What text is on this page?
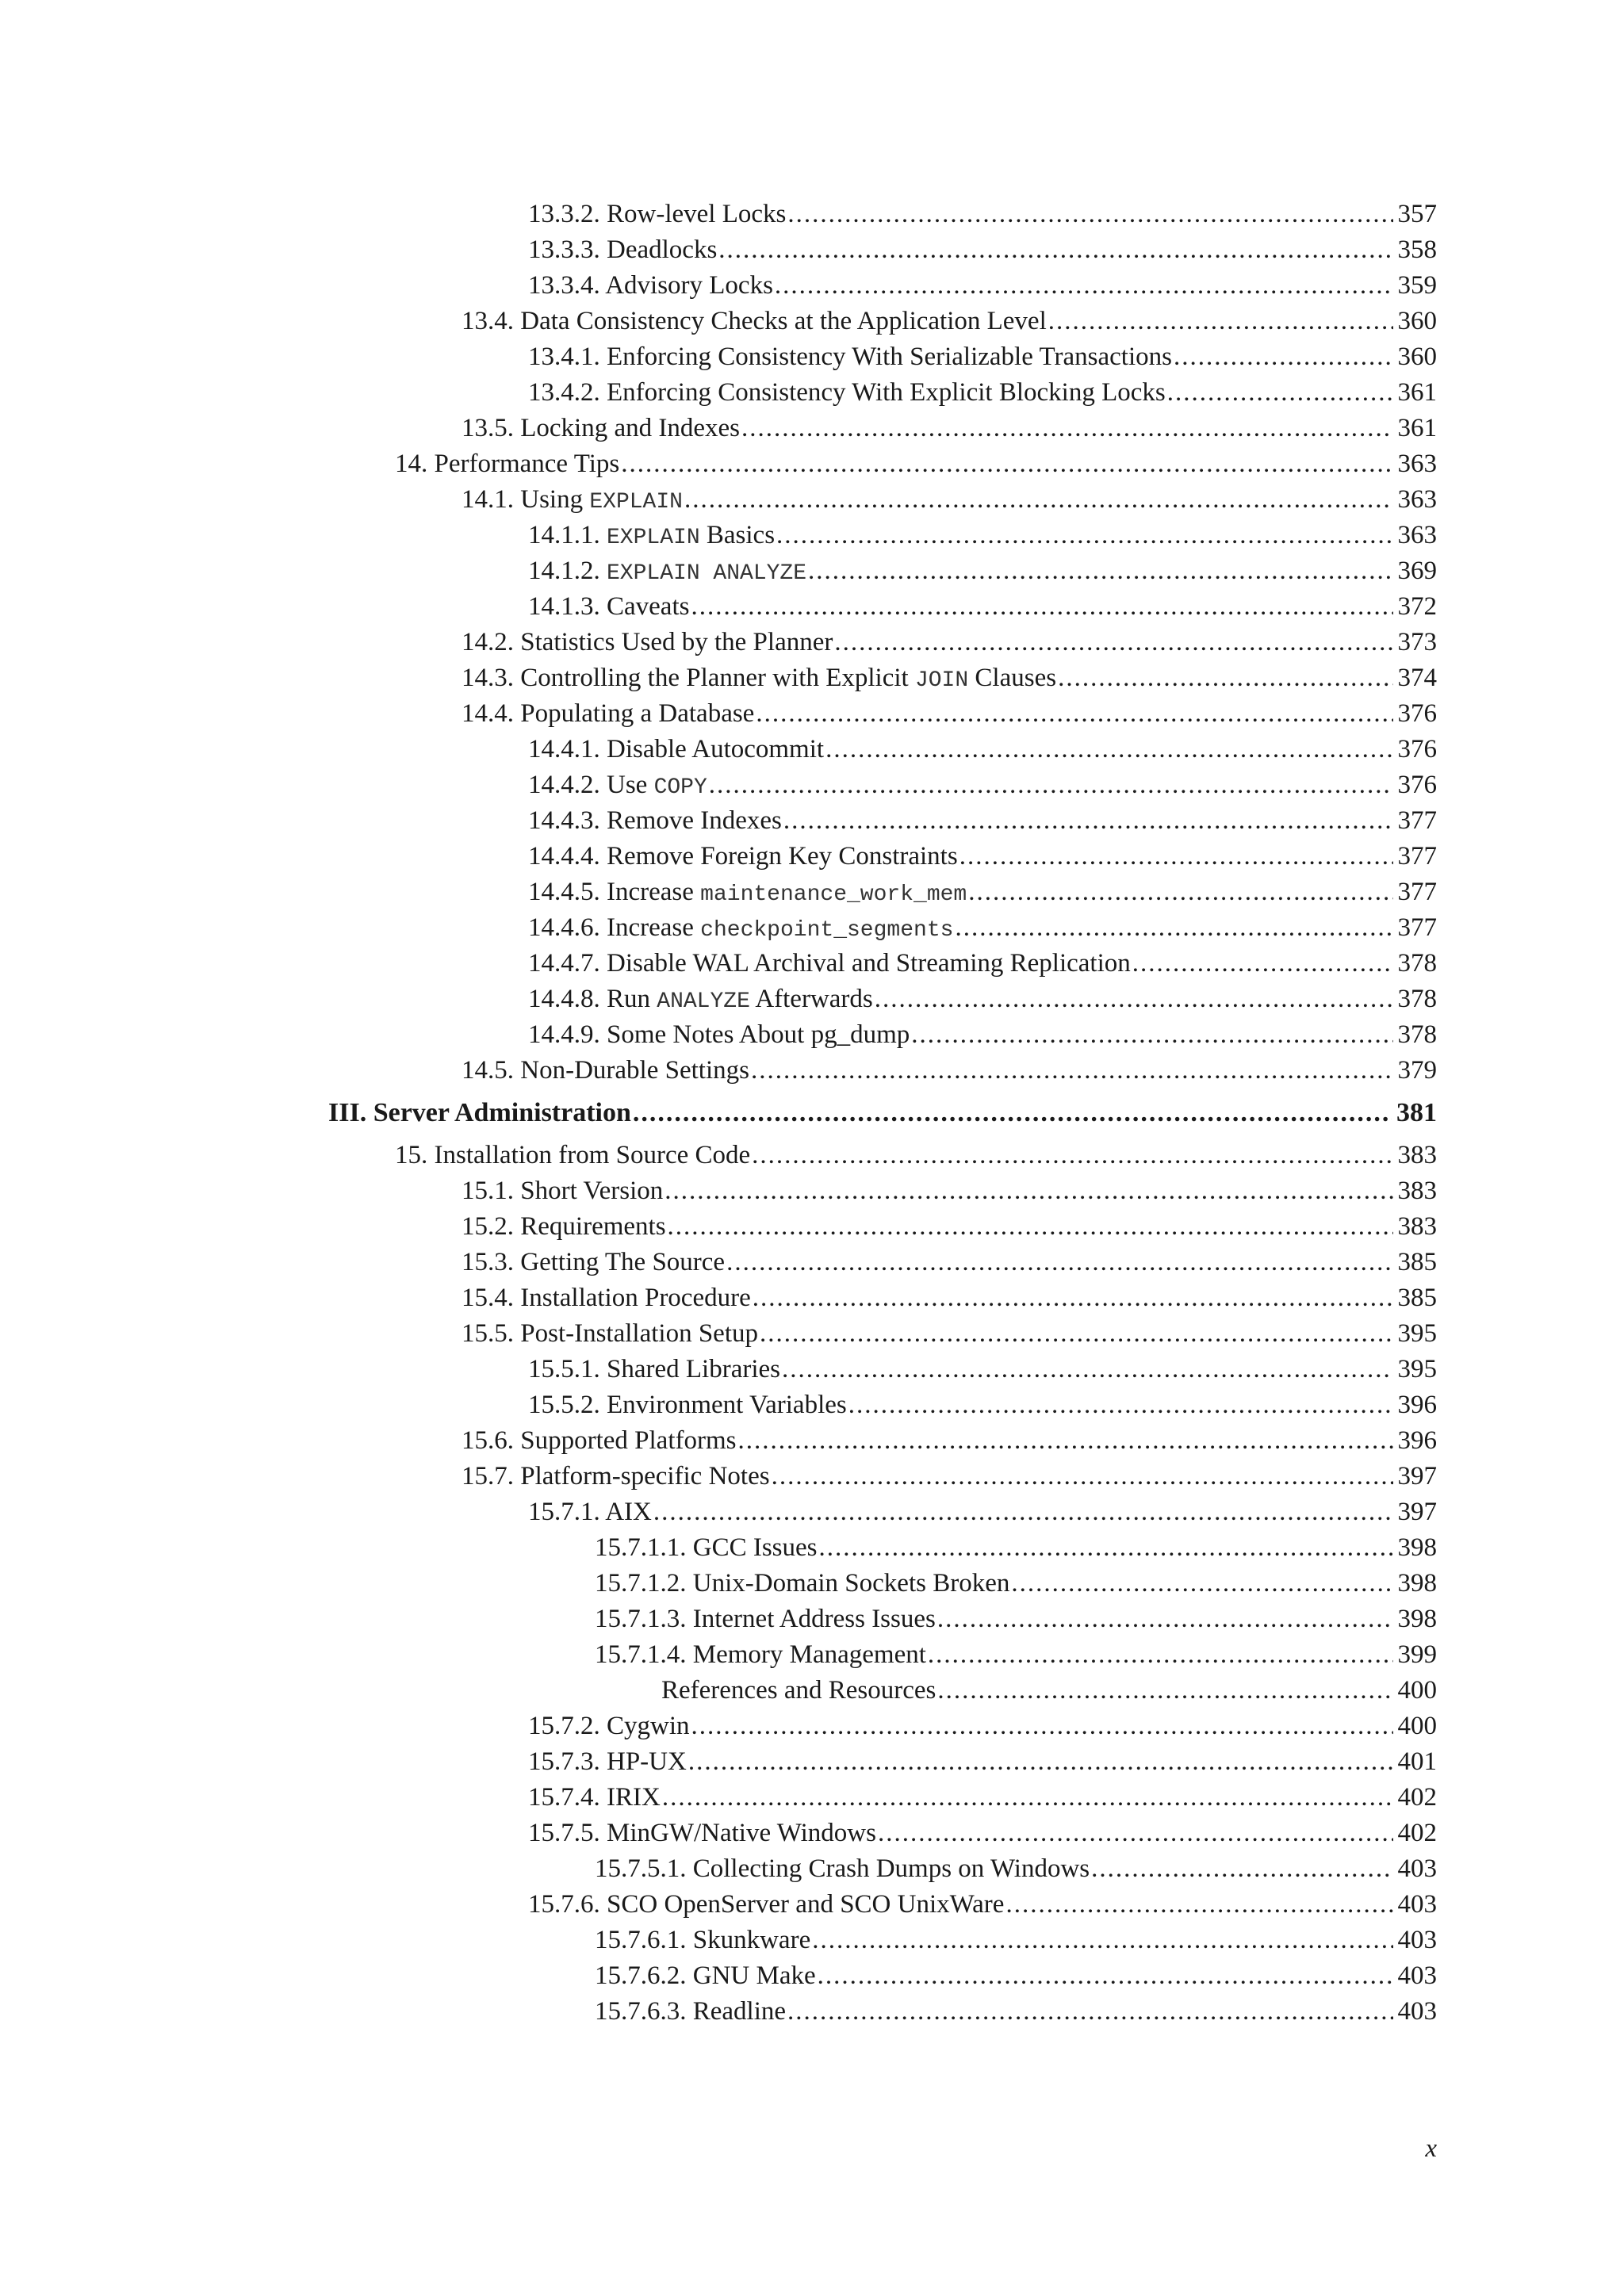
13.3.2. Row-level Locks .....	357
13.3.3. Deadlocks .....	358
13.3.4. Advisory Locks .....	359
13.4. Data Consistency Checks at the Application Level .....	360
13.4.1. Enforcing Consistency With Serializable Transactions .....	360
13.4.2. Enforcing Consistency With Explicit Blocking Locks .....	361
13.5. Locking and Indexes .....	361
14. Performance Tips .....	363
14.1. Using EXPLAIN .....	363
14.1.1. EXPLAIN Basics .....	363
14.1.2. EXPLAIN ANALYZE .....	369
14.1.3. Caveats .....	372
14.2. Statistics Used by the Planner .....	373
14.3. Controlling the Planner with Explicit JOIN Clauses .....	374
14.4. Populating a Database .....	376
14.4.1. Disable Autocommit .....	376
14.4.2. Use COPY .....	376
14.4.3. Remove Indexes .....	377
14.4.4. Remove Foreign Key Constraints .....	377
14.4.5. Increase maintenance_work_mem .....	377
14.4.6. Increase checkpoint_segments .....	377
14.4.7. Disable WAL Archival and Streaming Replication .....	378
14.4.8. Run ANALYZE Afterwards .....	378
14.4.9. Some Notes About pg_dump .....	378
14.5. Non-Durable Settings .....	379
III. Server Administration .....	381
15. Installation from Source Code .....	383
15.1. Short Version .....	383
15.2. Requirements .....	383
15.3. Getting The Source .....	385
15.4. Installation Procedure .....	385
15.5. Post-Installation Setup .....	395
15.5.1. Shared Libraries .....	395
15.5.2. Environment Variables .....	396
15.6. Supported Platforms .....	396
15.7. Platform-specific Notes .....	397
15.7.1. AIX .....	397
15.7.1.1. GCC Issues .....	398
15.7.1.2. Unix-Domain Sockets Broken .....	398
15.7.1.3. Internet Address Issues .....	398
15.7.1.4. Memory Management .....	399
References and Resources .....	400
15.7.2. Cygwin .....	400
15.7.3. HP-UX .....	401
15.7.4. IRIX .....	402
15.7.5. MinGW/Native Windows .....	402
15.7.5.1. Collecting Crash Dumps on Windows .....	403
15.7.6. SCO OpenServer and SCO UnixWare .....	403
15.7.6.1. Skunkware .....	403
15.7.6.2. GNU Make .....	403
15.7.6.3. Readline .....	403
x
